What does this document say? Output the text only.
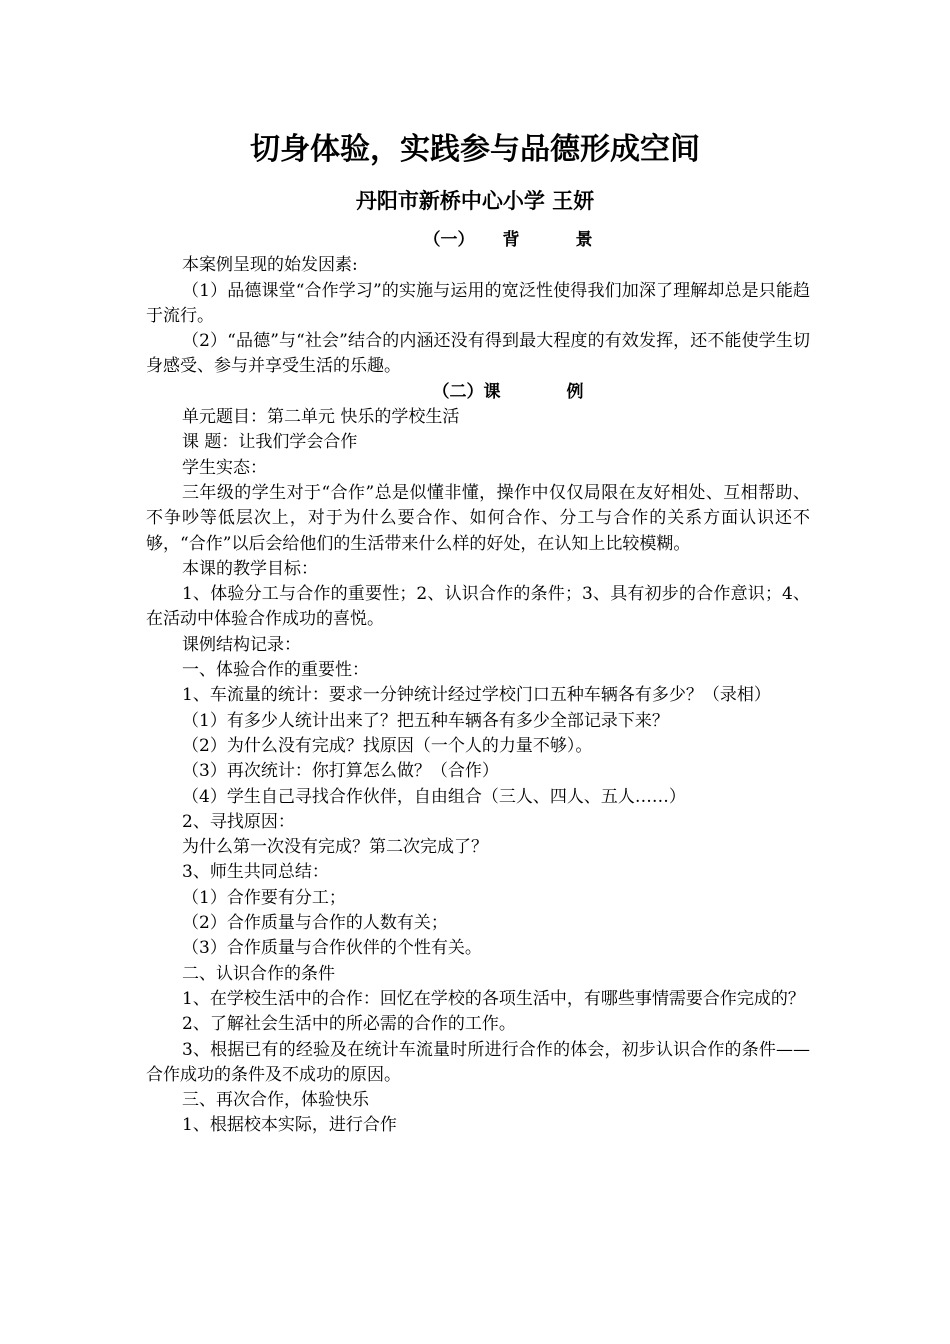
切身体验，实践参与品德形成空间
丹阳市新桥中心小学 王妍

（一） 背	景

本案例呈现的始发因素:

（1）品德课堂“合作学习”的实施与运用的宽泛性使得我们加深了理解却总是只能趋于流行。

（2）“品德”与“社会”结合的内涵还没有得到最大程度的有效发挥，还不能使学生切身感受、参与并享受生活的乐趣。

（二）课	例

单元题目：第二单元 快乐的学校生活

课 题：让我们学会合作

学生实态：

三年级的学生对于“合作”总是似懂非懂，操作中仅仅局限在友好相处、互相帮助、不争吵等低层次上，对于为什么要合作、如何合作、分工与合作的关系方面认识还不够，“合作”以后会给他们的生活带来什么样的好处，在认知上比较模糊。

本课的教学目标：

1、体验分工与合作的重要性；2、认识合作的条件；3、具有初步的合作意识；4、在活动中体验合作成功的喜悦。

课例结构记录：

一、体验合作的重要性：

1、车流量的统计：要求一分钟统计经过学校门口五种车辆各有多少？（录相）

（1）有多少人统计出来了？把五种车辆各有多少全部记录下来？

（2）为什么没有完成？找原因（一个人的力量不够）。

（3）再次统计：你打算怎么做？（合作）

（4）学生自己寻找合作伙伴，自由组合（三人、四人、五人……）

2、寻找原因：

为什么第一次没有完成？第二次完成了？

3、师生共同总结：

（1）合作要有分工；

（2）合作质量与合作的人数有关；

（3）合作质量与合作伙伴的个性有关。

二、认识合作的条件

1、在学校生活中的合作：回忆在学校的各项生活中，有哪些事情需要合作完成的？

2、了解社会生活中的所必需的合作的工作。

3、根据已有的经验及在统计车流量时所进行合作的体会，初步认识合作的条件——合作成功的条件及不成功的原因。

三、再次合作，体验快乐

1、根据校本实际，进行合作
